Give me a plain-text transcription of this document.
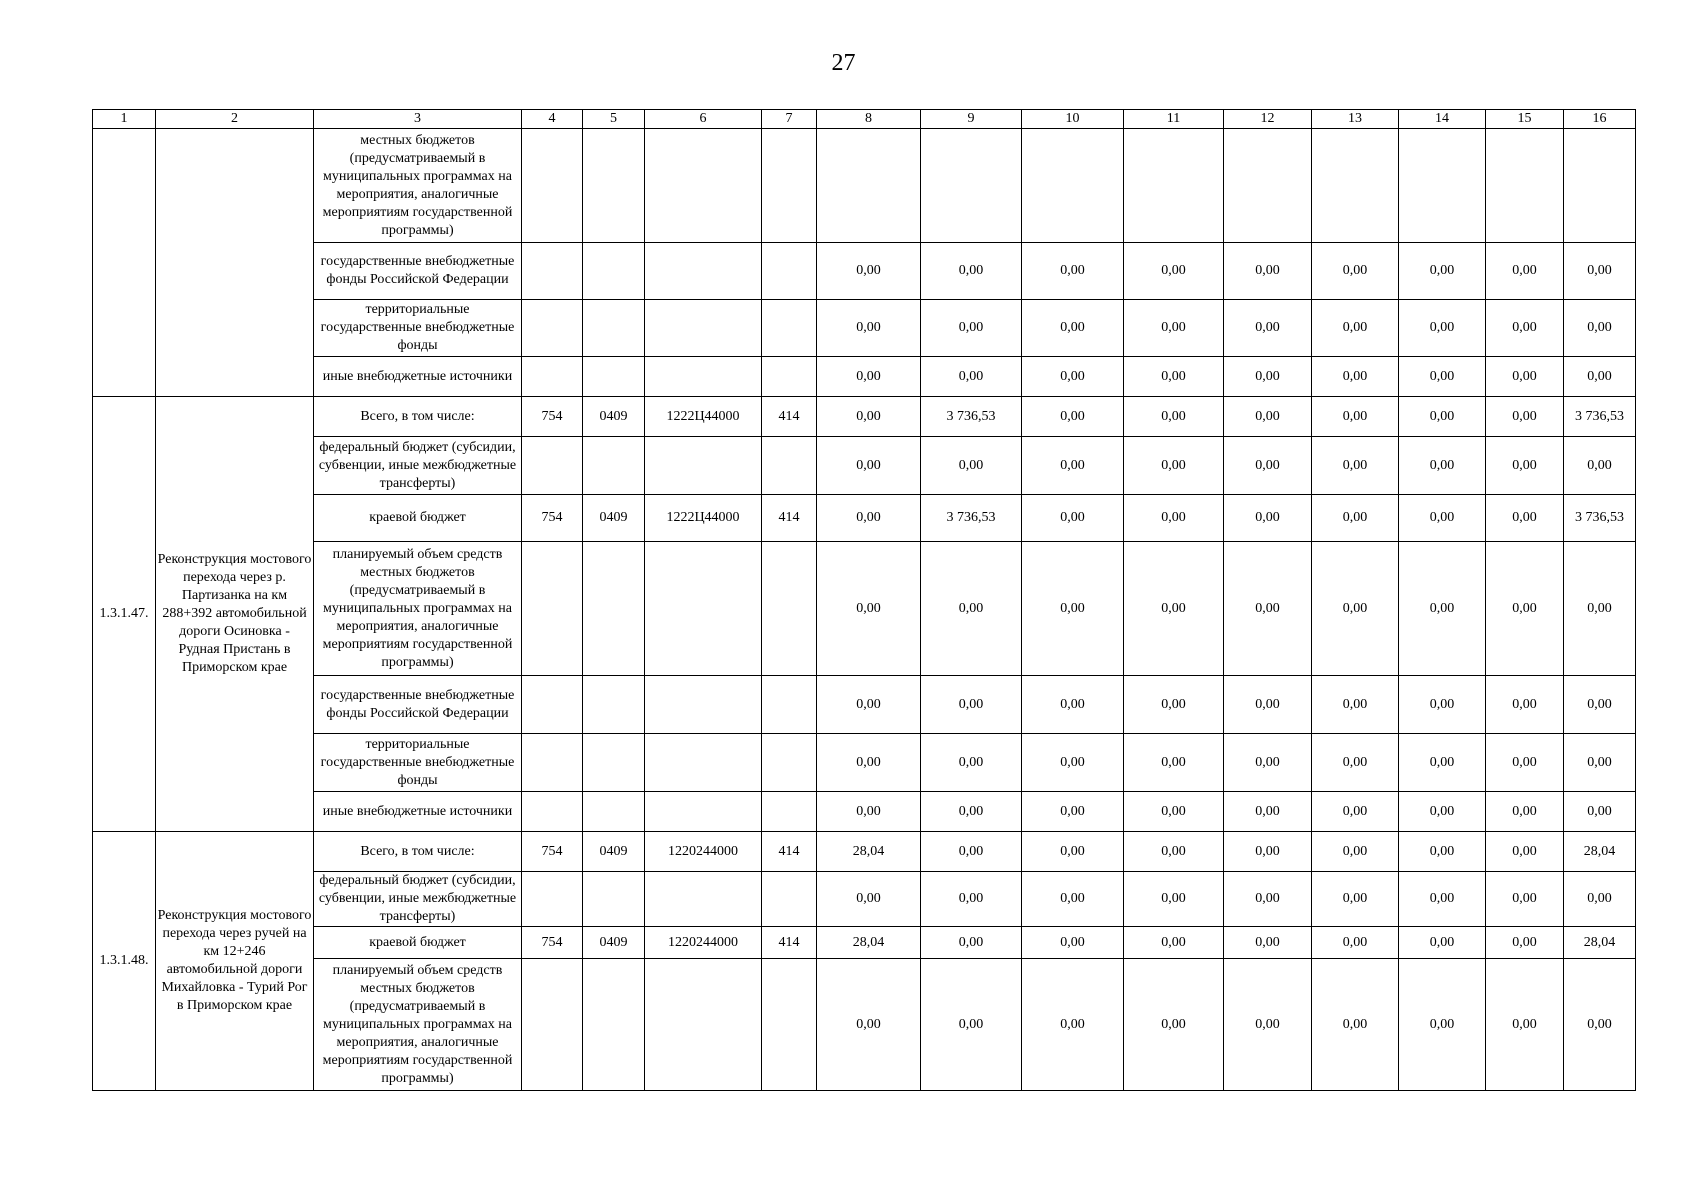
27
1	2	3	4	5	6	7	8	9	10	11	12	13	14	15	16
		местных бюджетов (предусматриваемый в муниципальных программах на мероприятия, аналогичные мероприятиям государственной программы)													
		государственные внебюджетные фонды Российской Федерации					0,00	0,00	0,00	0,00	0,00	0,00	0,00	0,00	0,00
		территориальные государственные внебюджетные фонды					0,00	0,00	0,00	0,00	0,00	0,00	0,00	0,00	0,00
		иные внебюджетные источники					0,00	0,00	0,00	0,00	0,00	0,00	0,00	0,00	0,00
1.3.1.47.	Реконструкция мостового перехода через р. Партизанка на км 288+392 автомобильной дороги Осиновка - Рудная Пристань в Приморском крае	Всего, в том числе:	754	0409	1222Ц44000	414	0,00	3 736,53	0,00	0,00	0,00	0,00	0,00	0,00	3 736,53
		федеральный бюджет (субсидии, субвенции, иные межбюджетные трансферты)					0,00	0,00	0,00	0,00	0,00	0,00	0,00	0,00	0,00
		краевой бюджет	754	0409	1222Ц44000	414	0,00	3 736,53	0,00	0,00	0,00	0,00	0,00	0,00	3 736,53
		планируемый объем средств местных бюджетов (предусматриваемый в муниципальных программах на мероприятия, аналогичные мероприятиям государственной программы)					0,00	0,00	0,00	0,00	0,00	0,00	0,00	0,00	0,00
		государственные внебюджетные фонды Российской Федерации					0,00	0,00	0,00	0,00	0,00	0,00	0,00	0,00	0,00
		территориальные государственные внебюджетные фонды					0,00	0,00	0,00	0,00	0,00	0,00	0,00	0,00	0,00
		иные внебюджетные источники					0,00	0,00	0,00	0,00	0,00	0,00	0,00	0,00	0,00
1.3.1.48.	Реконструкция мостового перехода через ручей на км 12+246 автомобильной дороги Михайловка - Турий Рог в Приморском крае	Всего, в том числе:	754	0409	1220244000	414	28,04	0,00	0,00	0,00	0,00	0,00	0,00	0,00	28,04
		федеральный бюджет (субсидии, субвенции, иные межбюджетные трансферты)					0,00	0,00	0,00	0,00	0,00	0,00	0,00	0,00	0,00
		краевой бюджет	754	0409	1220244000	414	28,04	0,00	0,00	0,00	0,00	0,00	0,00	0,00	28,04
		планируемый объем средств местных бюджетов (предусматриваемый в муниципальных программах на мероприятия, аналогичные мероприятиям государственной программы)					0,00	0,00	0,00	0,00	0,00	0,00	0,00	0,00	0,00
